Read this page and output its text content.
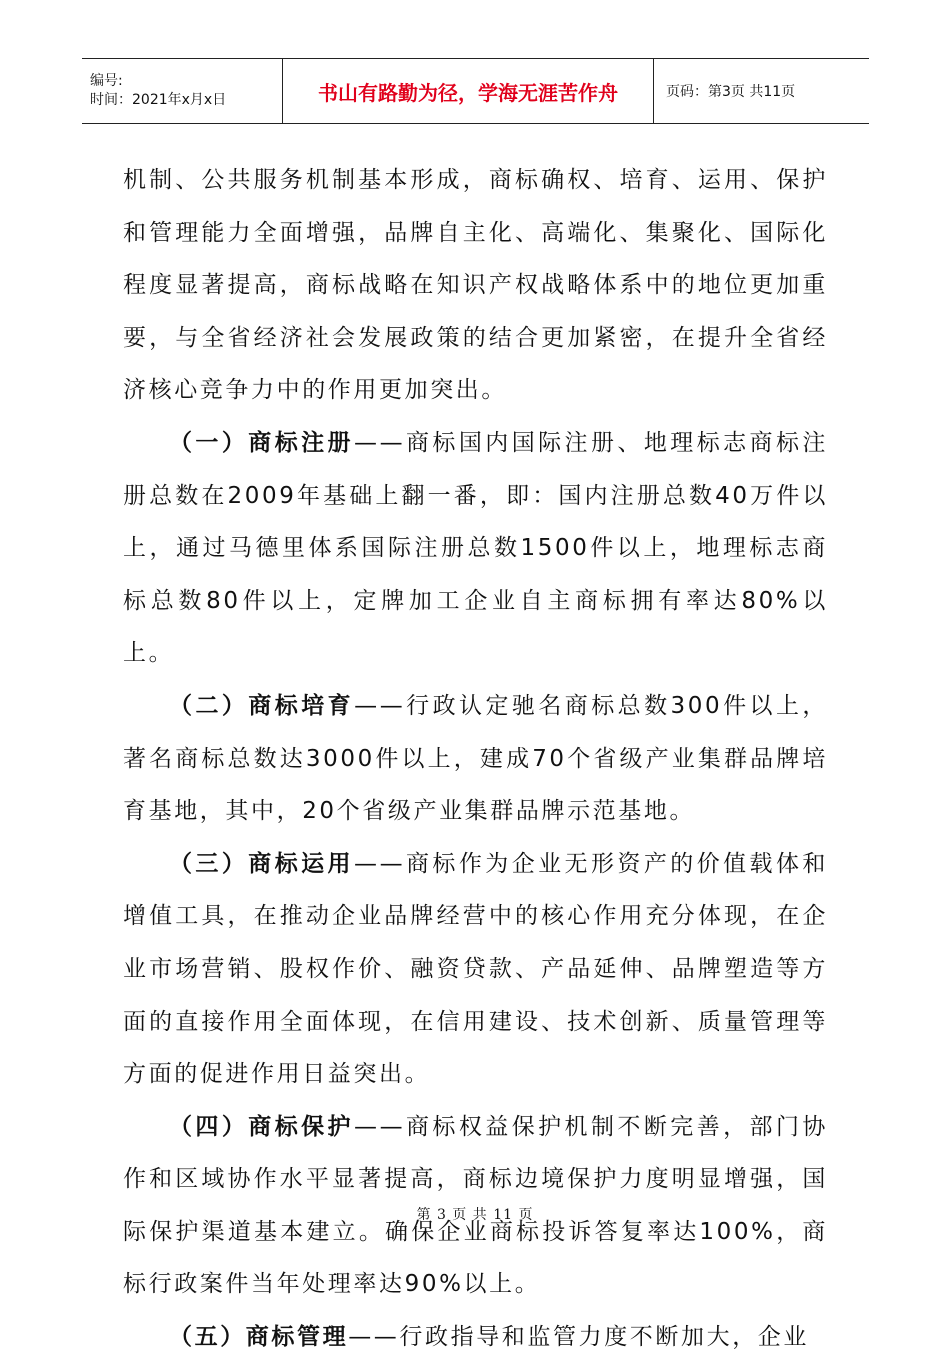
编号:
时间：2021年x月x日	书山有路勤为径，学海无涯苦作舟	页码：第3页 共11页

机制、公共服务机制基本形成，商标确权、培育、运用、保护和管理能力全面增强，品牌自主化、高端化、集聚化、国际化程度显著提高，商标战略在知识产权战略体系中的地位更加重要，与全省经济社会发展政策的结合更加紧密，在提升全省经济核心竞争力中的作用更加突出。

（一）商标注册——商标国内国际注册、地理标志商标注册总数在2009年基础上翻一番，即：国内注册总数40万件以上，通过马德里体系国际注册总数1500件以上，地理标志商标总数80件以上，定牌加工企业自主商标拥有率达80%以上。

（二）商标培育——行政认定驰名商标总数300件以上，著名商标总数达3000件以上，建成70个省级产业集群品牌培育基地，其中，20个省级产业集群品牌示范基地。

（三）商标运用——商标作为企业无形资产的价值载体和增值工具，在推动企业品牌经营中的核心作用充分体现，在企业市场营销、股权作价、融资贷款、产品延伸、品牌塑造等方面的直接作用全面体现，在信用建设、技术创新、质量管理等方面的促进作用日益突出。

（四）商标保护——商标权益保护机制不断完善，部门协作和区域协作水平显著提高，商标边境保护力度明显增强，国际保护渠道基本建立。确保企业商标投诉答复率达100%，商标行政案件当年处理率达90%以上。

（五）商标管理——行政指导和监管力度不断加大，企业

第 3 页 共 11 页
